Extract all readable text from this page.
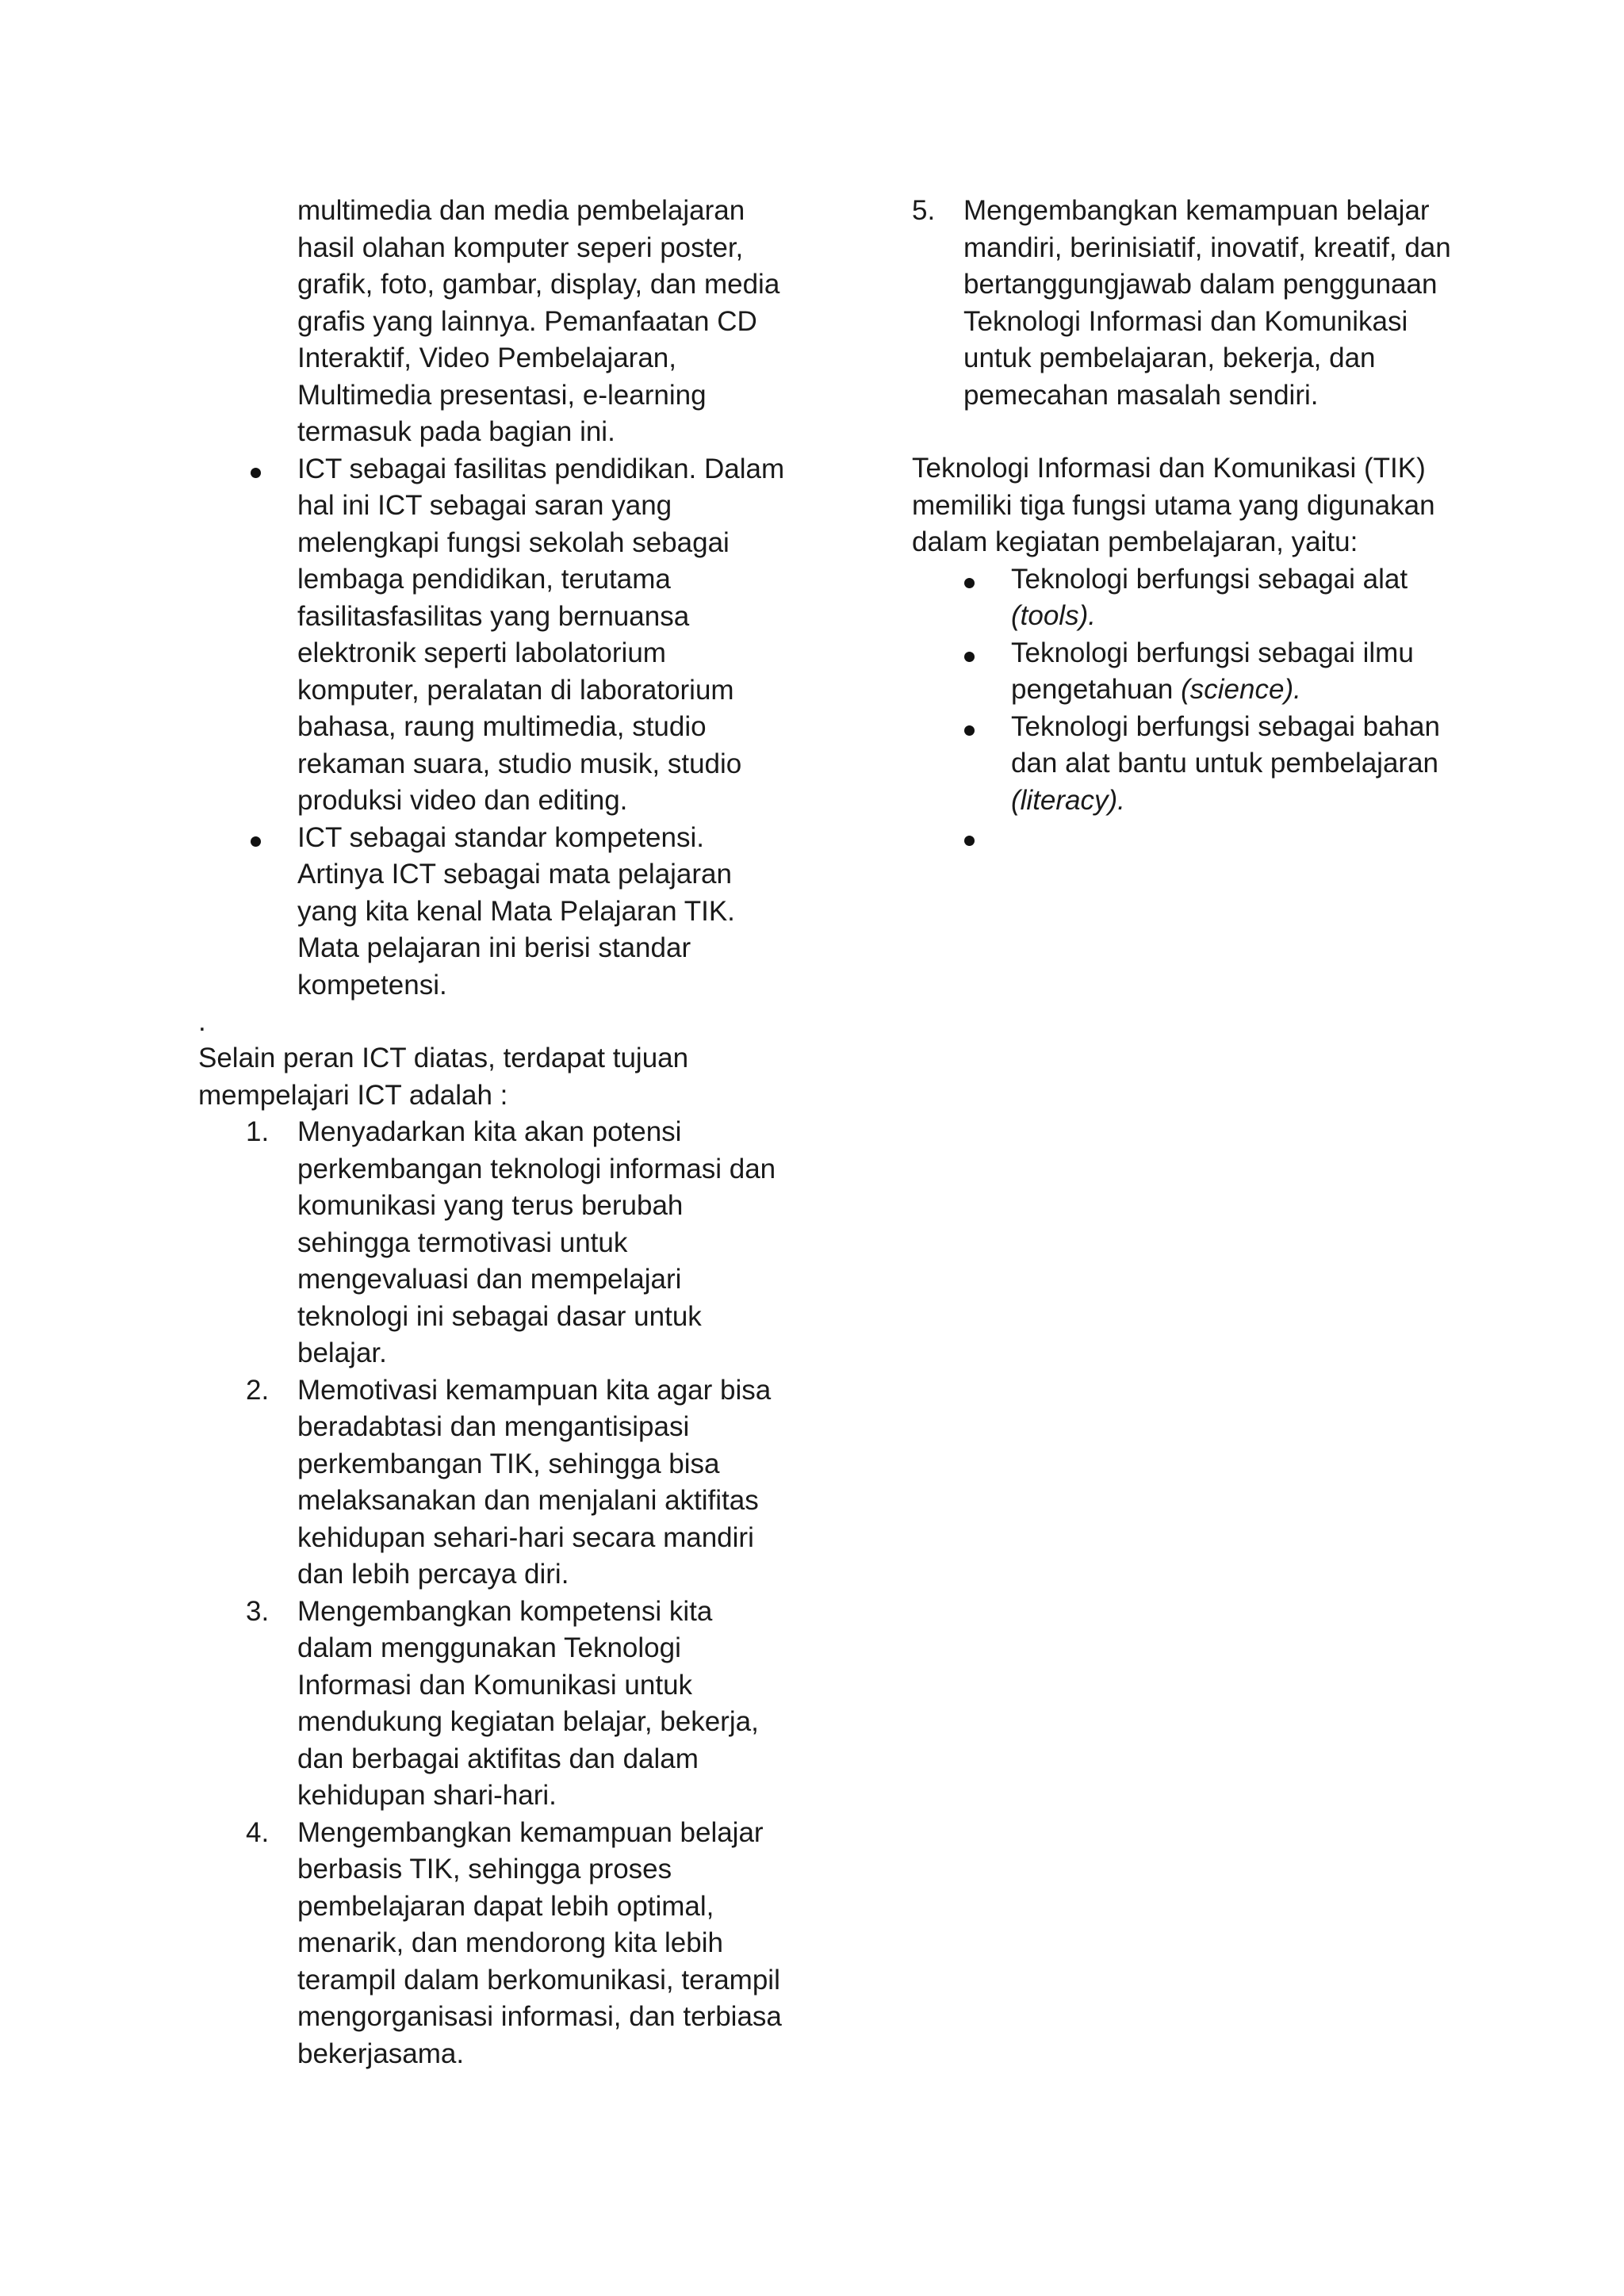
multimedia dan media pembelajaran hasil olahan komputer seperi poster, grafik, foto, gambar, display, dan media grafis yang lainnya. Pemanfaatan CD Interaktif, Video Pembelajaran, Multimedia presentasi, e-learning termasuk pada bagian ini.

ICT sebagai fasilitas pendidikan. Dalam hal ini ICT sebagai saran yang melengkapi fungsi sekolah sebagai lembaga pendidikan, terutama fasilitasfasilitas yang bernuansa elektronik seperti labolatorium komputer, peralatan di laboratorium bahasa, raung multimedia, studio rekaman suara, studio musik, studio produksi video dan editing.
ICT sebagai standar kompetensi. Artinya ICT sebagai mata pelajaran yang kita kenal Mata Pelajaran TIK. Mata pelajaran ini berisi standar kompetensi.
.

Selain peran ICT diatas, terdapat tujuan mempelajari ICT adalah :

1. Menyadarkan kita akan potensi perkembangan teknologi informasi dan komunikasi yang terus berubah sehingga termotivasi untuk mengevaluasi dan mempelajari teknologi ini sebagai dasar untuk belajar.
2. Memotivasi kemampuan kita agar bisa beradabtasi dan mengantisipasi perkembangan TIK, sehingga bisa melaksanakan dan menjalani aktifitas kehidupan sehari-hari secara mandiri dan lebih percaya diri.
3. Mengembangkan kompetensi kita dalam menggunakan Teknologi Informasi dan Komunikasi untuk mendukung kegiatan belajar, bekerja, dan berbagai aktifitas dan dalam kehidupan shari-hari.
4. Mengembangkan kemampuan belajar berbasis TIK, sehingga proses pembelajaran dapat lebih optimal, menarik, dan mendorong kita lebih terampil dalam berkomunikasi, terampil mengorganisasi informasi, dan terbiasa bekerjasama.
5. Mengembangkan kemampuan belajar mandiri, berinisiatif, inovatif, kreatif, dan bertanggungjawab dalam penggunaan Teknologi Informasi dan Komunikasi untuk pembelajaran, bekerja, dan pemecahan masalah sendiri.

Teknologi Informasi dan Komunikasi (TIK) memiliki tiga fungsi utama yang digunakan dalam kegiatan pembelajaran, yaitu:

Teknologi berfungsi sebagai alat (tools).
Teknologi berfungsi sebagai ilmu pengetahuan (science).
Teknologi berfungsi sebagai bahan dan alat bantu untuk pembelajaran (literacy).
